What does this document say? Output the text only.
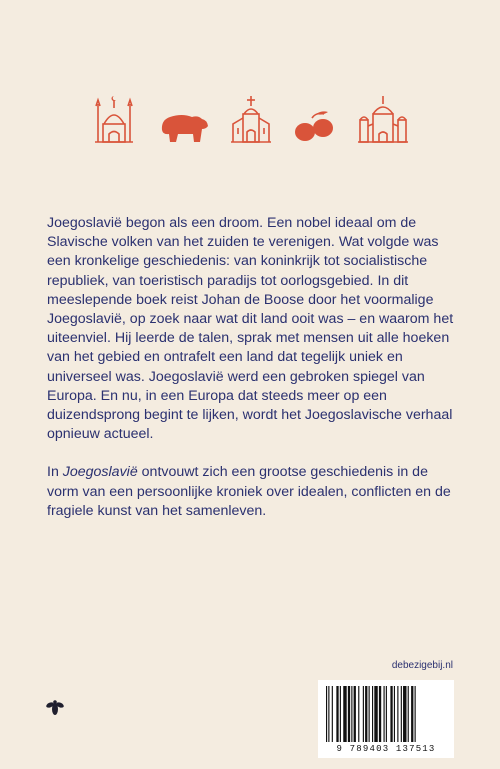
Joegoslavië begon als een droom. Een nobel ideaal om de Slavische volken van het zuiden te verenigen. Wat volgde was een kronkelige geschiedenis: van koninkrijk tot socialistische republiek, van toeristisch paradijs tot oorlogsgebied. In dit meeslepende boek reist Johan de Boose door het voormalige Joegoslavië, op zoek naar wat dit land ooit was – en waarom het uiteenviel. Hij leerde de talen, sprak met mensen uit alle hoeken van het gebied en ontrafelt een land dat tegelijk uniek en universeel was. Joegoslavië werd een gebroken spiegel van Europa. En nu, in een Europa dat steeds meer op een duizendsprong begint te lijken, wordt het Joegoslavische verhaal opnieuw actueel.

In Joegoslavië ontvouwt zich een grootse geschiedenis in de vorm van een persoonlijke kroniek over idealen, conflicten en de fragiele kunst van het samenleven.

debezigebij.nl
9 789403 137513
